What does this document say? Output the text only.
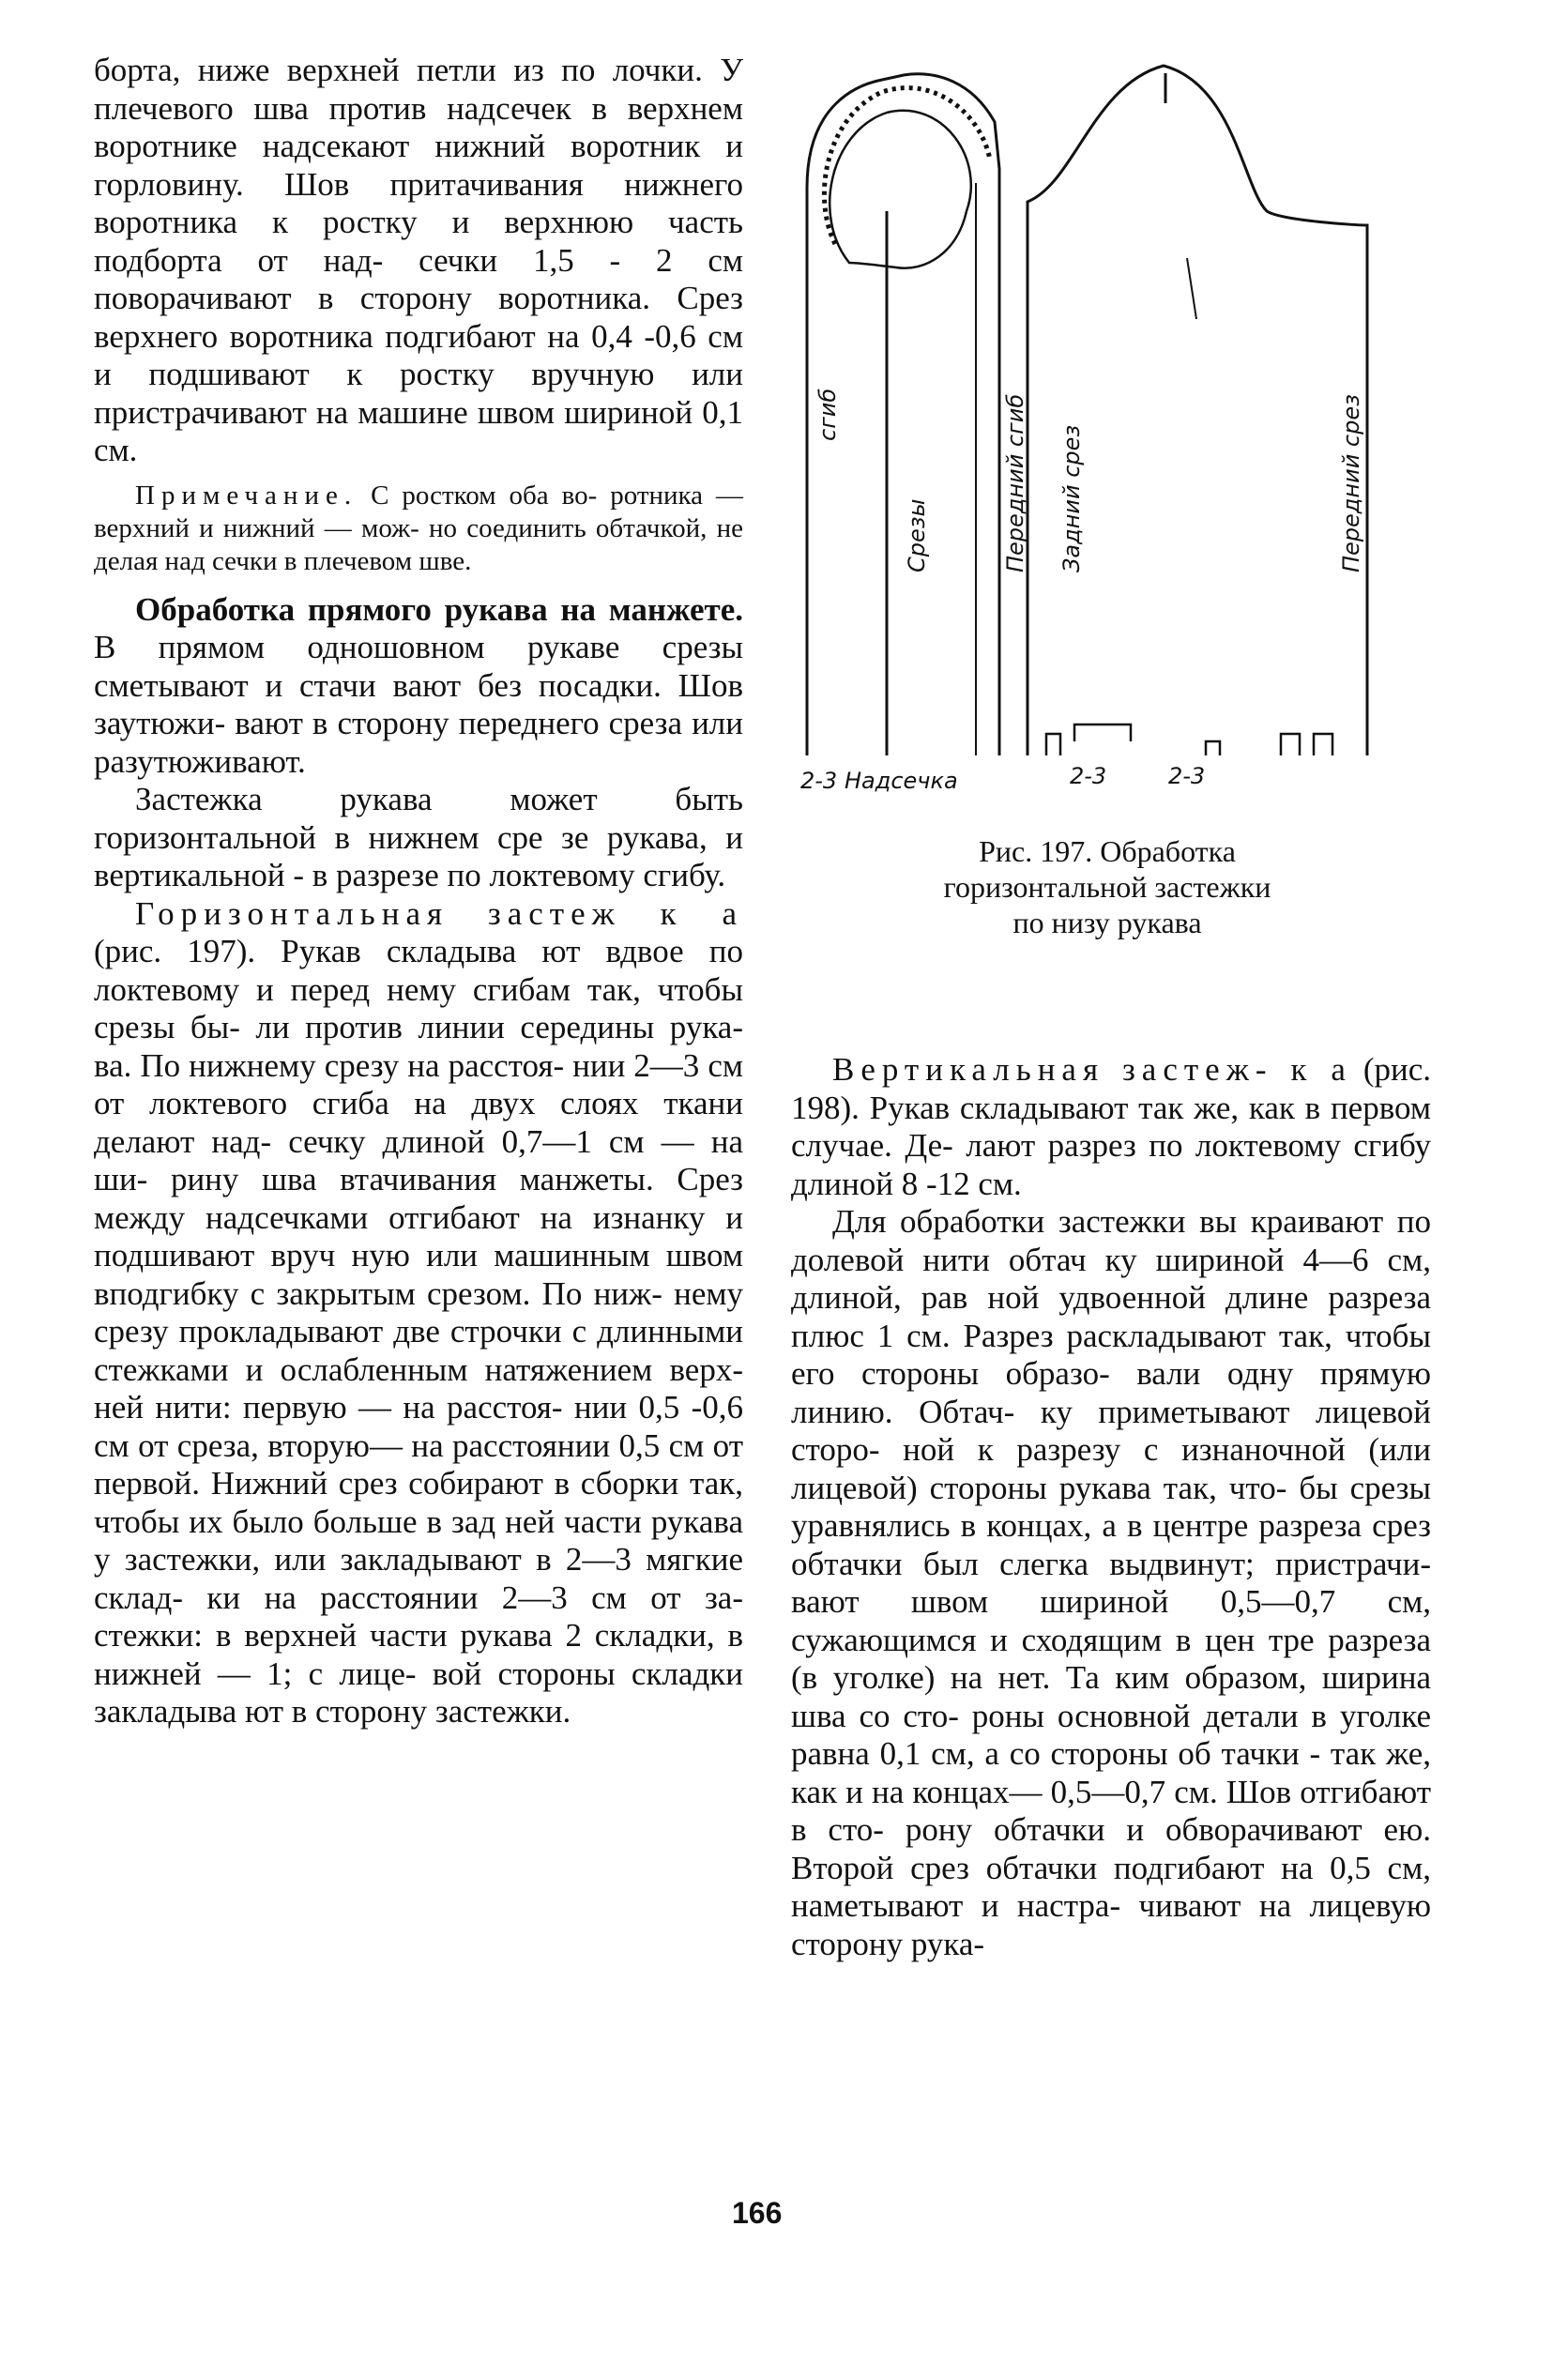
борта, ниже верхней петли из по лочки. У плечевого шва против надсечек в верхнем воротнике надсекают нижний воротник и горловину. Шов притачивания нижнего воротника к ростку и верхнюю часть подборта от над- сечки 1,5 - 2 см поворачивают в сторону воротника. Срез верхнего воротника подгибают на 0,4 -0,6 см и подшивают к ростку вручную или пристрачивают на машине швом шириной 0,1 см.

Примечание. С ростком оба во- ротника — верхний и нижний — мож- но соединить обтачкой, не делая над сечки в плечевом шве.

Обработка прямого рукава на манжете. В прямом одношовном рукаве срезы сметывают и стачи вают без посадки. Шов заутюжи- вают в сторону переднего среза или разутюживают.

Застежка рукава может быть горизонтальной в нижнем сре зе рукава, и вертикальной - в разрезе по локтевому сгибу.

Горизонтальная застеж к а (рис. 197). Рукав складыва ют вдвое по локтевому и перед нему сгибам так, чтобы срезы бы- ли против линии середины рука- ва. По нижнему срезу на расстоя- нии 2—3 см от локтевого сгиба на двух слоях ткани делают над- сечку длиной 0,7—1 см — на ши- рину шва втачивания манжеты. Срез между надсечками отгибают на изнанку и подшивают вруч ную или машинным швом вподгибку с закрытым срезом. По ниж- нему срезу прокладывают две строчки с длинными стежками и ослабленным натяжением верх- ней нити: первую — на расстоя- нии 0,5 -0,6 см от среза, вторую— на расстоянии 0,5 см от первой. Нижний срез собирают в сборки так, чтобы их было больше в зад ней части рукава у застежки, или закладывают в 2—3 мягкие склад- ки на расстоянии 2—3 см от за- стежки: в верхней части рукава 2 складки, в нижней — 1; с лице- вой стороны складки закладыва ют в сторону застежки.

сгиб
Срезы	Передний сгиб Задний срез	Передний срез
2-3 Надсечка	2-3	2-3

Рис. 197. Обработка

горизонтальной застежки

по низу рукава

Вертикальная застеж- к а (рис. 198). Рукав складывают так же, как в первом случае. Де- лают разрез по локтевому сгибу длиной 8 -12 см.

Для обработки застежки вы краивают по долевой нити обтач ку шириной 4—6 см, длиной, рав ной удвоенной длине разреза плюс 1 см. Разрез раскладывают так, чтобы его стороны образо- вали одну прямую линию. Обтач- ку приметывают лицевой сторо- ной к разрезу с изнаночной (или лицевой) стороны рукава так, что- бы срезы уравнялись в концах, а в центре разреза срез обтачки был слегка выдвинут; пристрачи- вают швом шириной 0,5—0,7 см, сужающимся и сходящим в цен тре разреза (в уголке) на нет. Та ким образом, ширина шва со сто- роны основной детали в уголке равна 0,1 см, а со стороны об тачки - так же, как и на концах— 0,5—0,7 см. Шов отгибают в сто- рону обтачки и обворачивают ею. Второй срез обтачки подгибают на 0,5 см, наметывают и настра- чивают на лицевую сторону рука-

166
